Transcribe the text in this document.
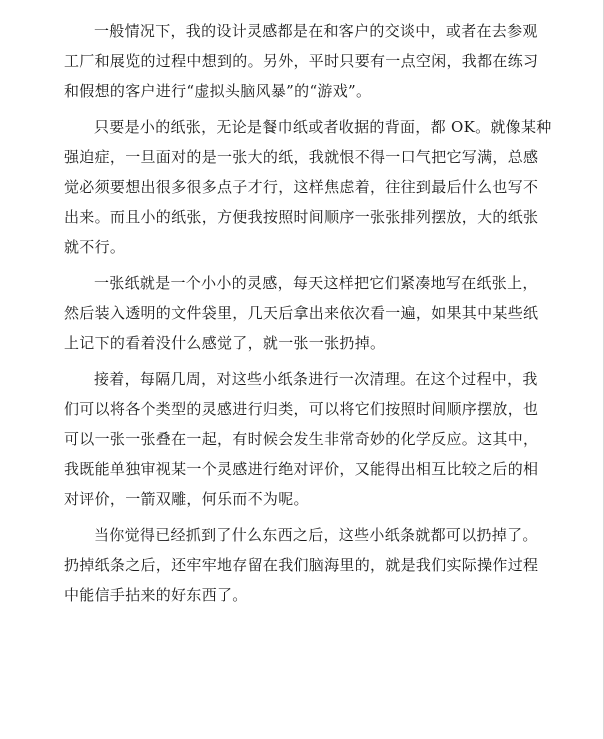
一般情况下，我的设计灵感都是在和客户的交谈中，或者在去参观
工厂和展览的过程中想到的。另外，平时只要有一点空闲，我都在练习
和假想的客户进行“虚拟头脑风暴”的“游戏”。

只要是小的纸张，无论是餐巾纸或者收据的背面，都 OK。就像某种
强迫症，一旦面对的是一张大的纸，我就恨不得一口气把它写满，总感
觉必须要想出很多很多点子才行，这样焦虑着，往往到最后什么也写不
出来。而且小的纸张，方便我按照时间顺序一张张排列摆放，大的纸张
就不行。

一张纸就是一个小小的灵感，每天这样把它们紧凑地写在纸张上，
然后装入透明的文件袋里，几天后拿出来依次看一遍，如果其中某些纸
上记下的看着没什么感觉了，就一张一张扔掉。

接着，每隔几周，对这些小纸条进行一次清理。在这个过程中，我
们可以将各个类型的灵感进行归类，可以将它们按照时间顺序摆放，也
可以一张一张叠在一起，有时候会发生非常奇妙的化学反应。这其中，
我既能单独审视某一个灵感进行绝对评价，又能得出相互比较之后的相
对评价，一箭双雕，何乐而不为呢。

当你觉得已经抓到了什么东西之后，这些小纸条就都可以扔掉了。
扔掉纸条之后，还牢牢地存留在我们脑海里的，就是我们实际操作过程
中能信手拈来的好东西了。
